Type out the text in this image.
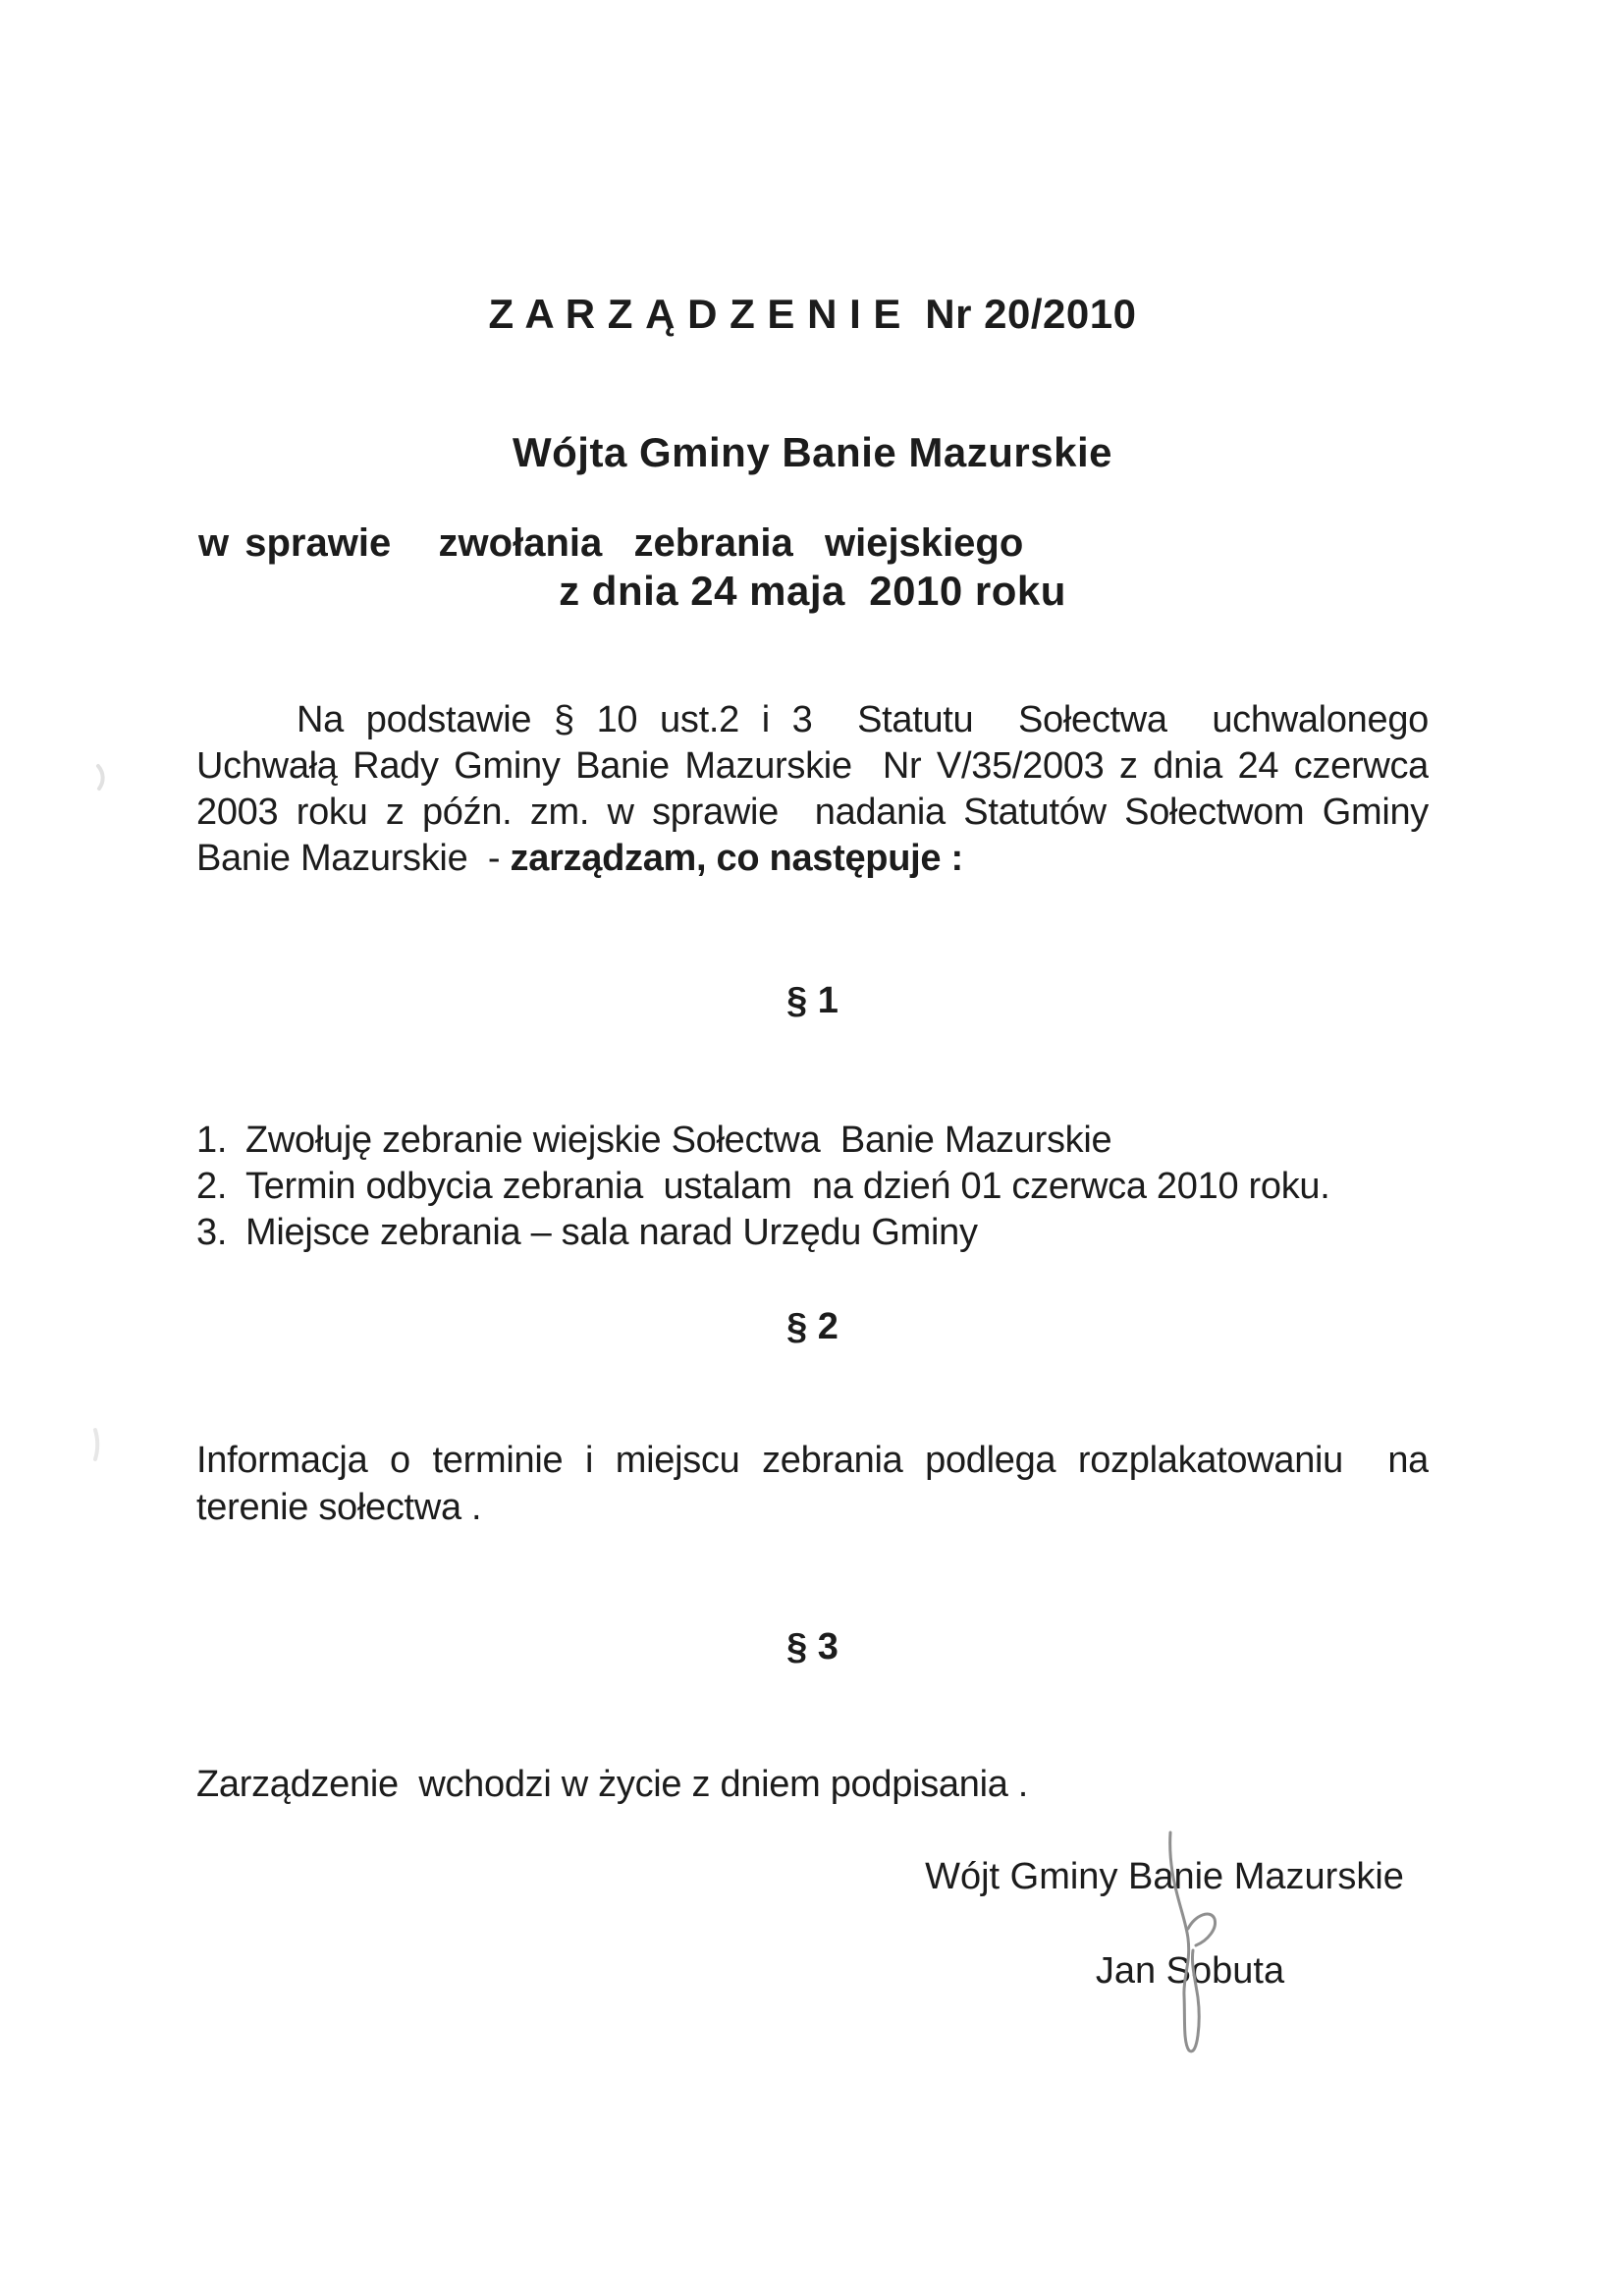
Z A R Z Ą D Z E N I E  Nr 20/2010

Wójta Gminy Banie Mazurskie

z dnia 24 maja  2010 roku

w sprawie   zwołania  zebrania  wiejskiego
Na podstawie § 10 ust.2 i 3  Statutu  Sołectwa  uchwalonego
Uchwałą Rady Gminy Banie Mazurskie  Nr V/35/2003 z dnia 24 czerwca
2003 roku z późn. zm. w sprawie  nadania Statutów Sołectwom Gminy
Banie Mazurskie  - zarządzam, co następuje :
§ 1
1. Zwołuję zebranie wiejskie Sołectwa  Banie Mazurskie
2. Termin odbycia zebrania  ustalam  na dzień 01 czerwca 2010 roku.
3. Miejsce zebrania – sala narad Urzędu Gminy
§ 2
Informacja o terminie i miejscu zebrania podlega rozplakatowaniu  na
terenie sołectwa .
§ 3
Zarządzenie  wchodzi w życie z dniem podpisania .
Wójt Gminy Banie Mazurskie
Jan Sobuta
